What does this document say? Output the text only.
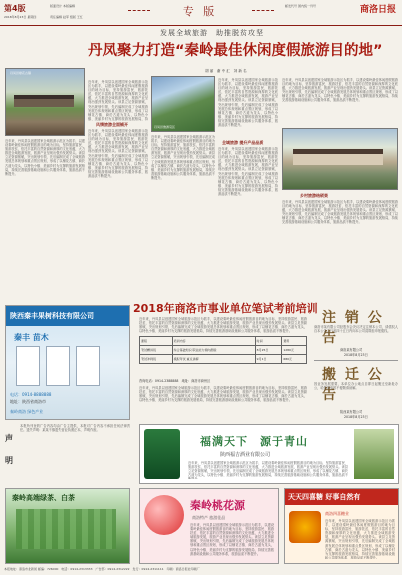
第4版
2018年8月23日 星期四
版面设计 本版编辑
责任编辑 赵军 组版 王红	专 版	邮发代号 国内统一刊号	商洛日报
发展全域旅游　助推脱贫攻坚
丹凤聚力打造“秦岭最佳休闲度假旅游目的地”
胡 丽　谢 中 汇　刘 新 名
丹凤县棣花古镇
丹凤县旅游景区
近年来，丹凤县以创建国家全域旅游示范区为抓手，以建设秦岭最佳休闲度假旅游目的地为目标，坚持旅游富民、旅游扶贫，依托丰富的自然资源和深厚的文化底蕴，大力推进全域旅游发展，旅游产业呈现出强劲发展势头。该县立足资源禀赋，突出规划引领，先后编制完成了全域旅游发展总体规划和重点景区规划，形成了以棣花古镇、商於古道为龙头，以特色小镇、美丽乡村为支撑的旅游发展格局，持续完善旅游基础设施和公共服务体系，旅游品质不断提升。
近年来，丹凤县以创建国家全域旅游示范区为抓手，以建设秦岭最佳休闲度假旅游目的地为目标，坚持旅游富民、旅游扶贫，依托丰富的自然资源和深厚的文化底蕴，大力推进全域旅游发展，旅游产业呈现出强劲发展势头。该县立足资源禀赋，突出规划引领，先后编制完成了全域旅游发展总体规划和重点景区规划，形成了以棣花古镇、商於古道为龙头，以特色小镇、美丽乡村为支撑的旅游发展格局，持
风情旅游全面铺开
近年来，丹凤县以创建国家全域旅游示范区为抓手，以建设秦岭最佳休闲度假旅游目的地为目标，坚持旅游富民、旅游扶贫，依托丰富的自然资源和深厚的文化底蕴，大力推进全域旅游发展，旅游产业呈现出强劲发展势头。该县立足资源禀赋，突出规划引领，先后编制完成了全域旅游发展总体规划和重点景区规划，形成了以棣花古镇、商於古道为龙头，以特色小镇、美丽乡村为支撑的旅游发展格局，持续完善旅游基础设施和公共服务体系，旅游品质不断提升。
近年来，丹凤县以创建国家全域旅游示范区为抓手，以建设秦岭最佳休闲度假旅游目的地为目标，坚持旅游富民、旅游扶贫，依托丰富的自然资源和深厚的文化底蕴，大力推进全域旅游发展，旅游产业呈现出强劲发展势头。该县立足资源禀赋，突出规划引领，先后编制完成了全域旅游发展总体规划和重点景区规划，形成了以棣花古镇、商於古道为龙头，以特色小镇、美丽乡村为支撑的旅游发展格局，持续完善旅游基础设施和公共服务体系，旅游品质不断提升。
近年来，丹凤县以创建国家全域旅游示范区为抓手，以建设秦岭最佳休闲度假旅游目的地为目标，坚持旅游富民、旅游扶贫，依托丰富的自然资源和深厚的文化底蕴，大力推进全域旅游发展，旅游产业呈现出强劲发展势头。该县立足资源禀赋，突出规划引领，先后编制完成了全域旅游发展总体规划和重点景区规划，形成了以棣花古镇、商於古道为龙头，以特色小镇、美丽乡村为支撑的旅游发展格局，持续完善旅游基础设施和公共服务体系，旅游品质不断提升。
全域旅游 提升产品品质
近年来，丹凤县以创建国家全域旅游示范区为抓手，以建设秦岭最佳休闲度假旅游目的地为目标，坚持旅游富民、旅游扶贫，依托丰富的自然资源和深厚的文化底蕴，大力推进全域旅游发展，旅游产业呈现出强劲发展势头。该县立足资源禀赋，突出规划引领，先后编制完成了全域旅游发展总体规划和重点景区规划，形成了以棣花古镇、商於古道为龙头，以特色小镇、美丽乡村为支撑的旅游发展格局，持续完善旅游基础设施和公共服务体系，旅游品质不断提升。
近年来，丹凤县以创建国家全域旅游示范区为抓手，以建设秦岭最佳休闲度假旅游目的地为目标，坚持旅游富民、旅游扶贫，依托丰富的自然资源和深厚的文化底蕴，大力推进全域旅游发展，旅游产业呈现出强劲发展势头。该县立足资源禀赋，突出规划引领，先后编制完成了全域旅游发展总体规划和重点景区规划，形成了以棣花古镇、商於古道为龙头，以特色小镇、美丽乡村为支撑的旅游发展格局，持续完善旅游基础设施和公共服务体系，旅游品质不断提升。
乡村旅游结硕果
近年来，丹凤县以创建国家全域旅游示范区为抓手，以建设秦岭最佳休闲度假旅游目的地为目标，坚持旅游富民、旅游扶贫，依托丰富的自然资源和深厚的文化底蕴，大力推进全域旅游发展，旅游产业呈现出强劲发展势头。该县立足资源禀赋，突出规划引领，先后编制完成了全域旅游发展总体规划和重点景区规划，形成了以棣花古镇、商於古道为龙头，以特色小镇、美丽乡村为支撑的旅游发展格局，持续完善旅游基础设施和公共服务体系，旅游品质不断提升。
陕西秦丰果树科技有限公司
秦丰 苗木
电话：0914-8888888
地址：陕西省商洛市
秦岭商洛 绿色产业
2018年商洛市事业单位笔试考前培训
近年来，丹凤县以创建国家全域旅游示范区为抓手，以建设秦岭最佳休闲度假旅游目的地为目标，坚持旅游富民、旅游扶贫，依托丰富的自然资源和深厚的文化底蕴，大力推进全域旅游发展，旅游产业呈现出强劲发展势头。该县立足资源禀赋，突出规划引领，先后编制完成了全域旅游发展总体规划和重点景区规划，形成了以棣花古镇、商於古道为龙头，以特色小镇、美丽乡村为支撑的旅游发展格局，持续完善旅游基础设施和公共服务体系，旅游品质不断提升。
课程	培训内容	时间	费用
笔试精讲班	综合基础知识 职业能力倾向测验	8月25日	1280元
笔试冲刺班	模拟考试 重点讲解	9月1日	680元
咨询电话：0914-2388888　地址：商洛市商州区
近年来，丹凤县以创建国家全域旅游示范区为抓手，以建设秦岭最佳休闲度假旅游目的地为目标，坚持旅游富民、旅游扶贫，依托丰富的自然资源和深厚的文化底蕴，大力推进全域旅游发展，旅游产业呈现出强劲发展势头。该县立足资源禀赋，突出规划引领，先后编制完成了全域旅游发展总体规划和重点景区规划，形成了以棣花古镇、商於古道为龙头，以特色小镇、美丽乡村为支撑的旅游发展格局，持续完善旅游基础设施和公共服务体系，旅游品质不断提升。
注 销 公 告
商洛市某有限公司经股东会决议决定注销本公司，请债权人自本公告之日起四十五日内向本公司清算组申报债权。
商洛某有限公司
2018年8月23日
搬 迁 公 告
因业务发展需要，本单位办公地点自即日起搬迁至新址办公，给您带来的不便敬请谅解。
陕西某有限公司
2018年8月23日
声 明
本报所刊登的广告内容均由广告主提供，本报对广告内容不承担任何法律责任。遗失声明：某某不慎遗失营业执照正本，声明作废。
福满天下　源于青山
陕西福吉酒业有限公司
近年来，丹凤县以创建国家全域旅游示范区为抓手，以建设秦岭最佳休闲度假旅游目的地为目标，坚持旅游富民、旅游扶贫，依托丰富的自然资源和深厚的文化底蕴，大力推进全域旅游发展，旅游产业呈现出强劲发展势头。该县立足资源禀赋，突出规划引领，先后编制完成了全域旅游发展总体规划和重点景区规划，形成了以棣花古镇、商於古道为龙头，以特色小镇、美丽乡村为支撑的旅游发展格局，持续完善旅游基础设施和公共服务体系，旅游品质不
秦岭高端绿茶、白茶
秦岭桃花源
商洛特产 旅游佳品
近年来，丹凤县以创建国家全域旅游示范区为抓手，以建设秦岭最佳休闲度假旅游目的地为目标，坚持旅游富民、旅游扶贫，依托丰富的自然资源和深厚的文化底蕴，大力推进全域旅游发展，旅游产业呈现出强劲发展势头。该县立足资源禀赋，突出规划引领，先后编制完成了全域旅游发展总体规划和重点景区规划，形成了以棣花古镇、商於古道为龙头，以特色小镇、美丽乡村为支撑的旅游发展格局，持续完善旅游基础设施和公共服务体系，旅游品质不断提升。
天天四喜糖 好事自然有
商洛四喜糖业
近年来，丹凤县以创建国家全域旅游示范区为抓手，以建设秦岭最佳休闲度假旅游目的地为目标，坚持旅游富民、旅游扶贫，依托丰富的自然资源和深厚的文化底蕴，大力推进全域旅游发展，旅游产业呈现出强劲发展势头。该县立足资源禀赋，突出规划引领，先后编制完成了全域旅游发展总体规划和重点景区规划，形成了以棣花古镇、商於古道为龙头，以特色小镇、美丽乡村为支撑的旅游发展格局，持续完善旅游基础设施和公共服务体系，旅游品质不断提升。
本报地址：商洛市北新街 邮编：726000　电话：0914-2313333　广告部：0914-2312222　发行：0914-2311111　印刷：商洛日报社印刷厂
